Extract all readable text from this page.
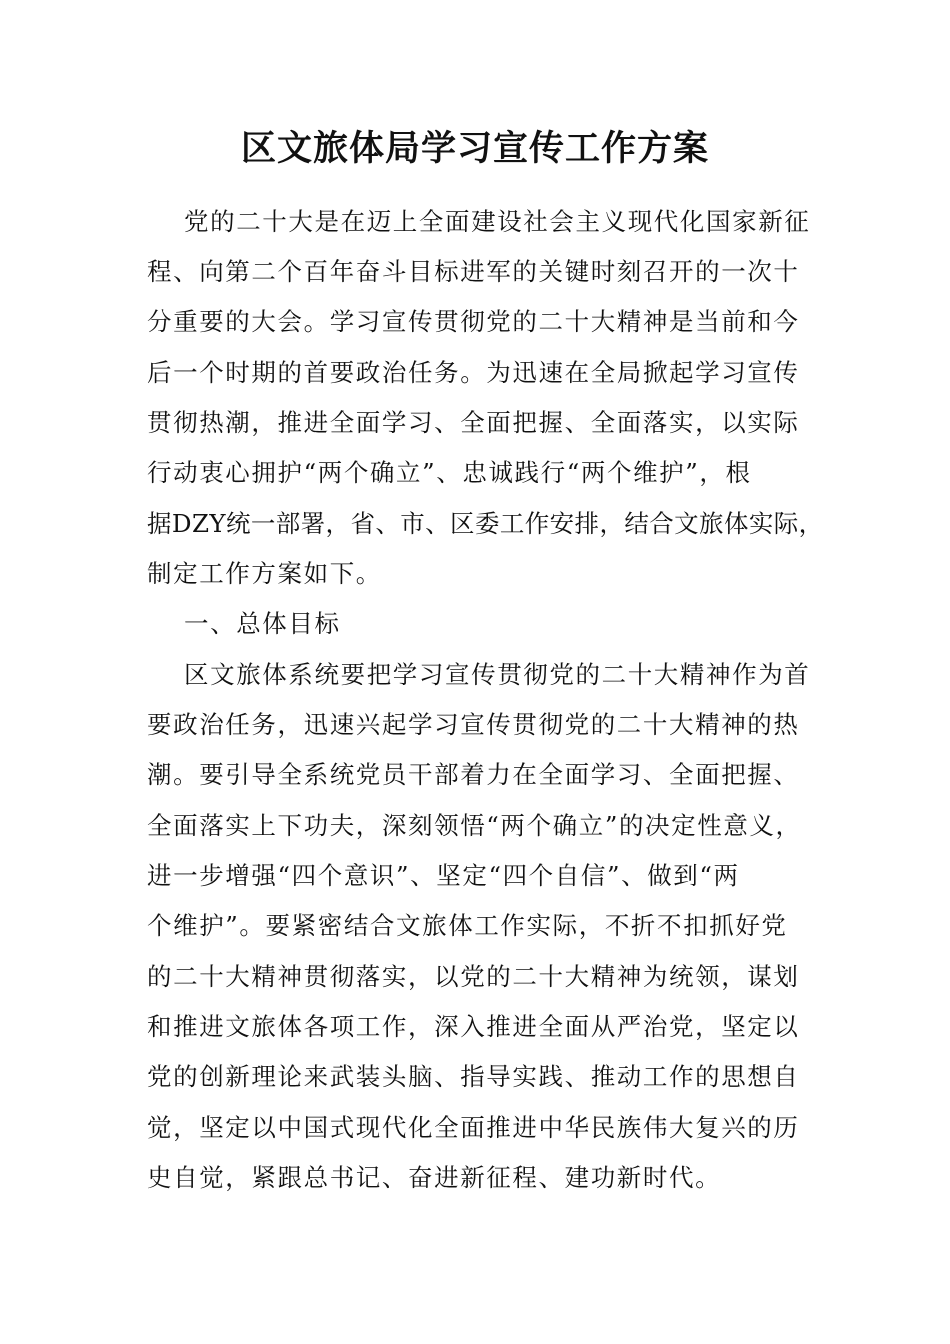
区文旅体局学习宣传工作方案
党的二十大是在迈上全面建设社会主义现代化国家新征
程、向第二个百年奋斗目标进军的关键时刻召开的一次十
分重要的大会。学习宣传贯彻党的二十大精神是当前和今
后一个时期的首要政治任务。为迅速在全局掀起学习宣传
贯彻热潮，推进全面学习、全面把握、全面落实，以实际
行动衷心拥护“两个确立”、忠诚践行“两个维护”，根
据DZY统一部署，省、市、区委工作安排，结合文旅体实际，
制定工作方案如下。
一、总体目标
区文旅体系统要把学习宣传贯彻党的二十大精神作为首
要政治任务，迅速兴起学习宣传贯彻党的二十大精神的热
潮。要引导全系统党员干部着力在全面学习、全面把握、
全面落实上下功夫，深刻领悟“两个确立”的决定性意义，
进一步增强“四个意识”、坚定“四个自信”、做到“两
个维护”。要紧密结合文旅体工作实际，不折不扣抓好党
的二十大精神贯彻落实，以党的二十大精神为统领，谋划
和推进文旅体各项工作，深入推进全面从严治党，坚定以
党的创新理论来武装头脑、指导实践、推动工作的思想自
觉，坚定以中国式现代化全面推进中华民族伟大复兴的历
史自觉，紧跟总书记、奋进新征程、建功新时代。
